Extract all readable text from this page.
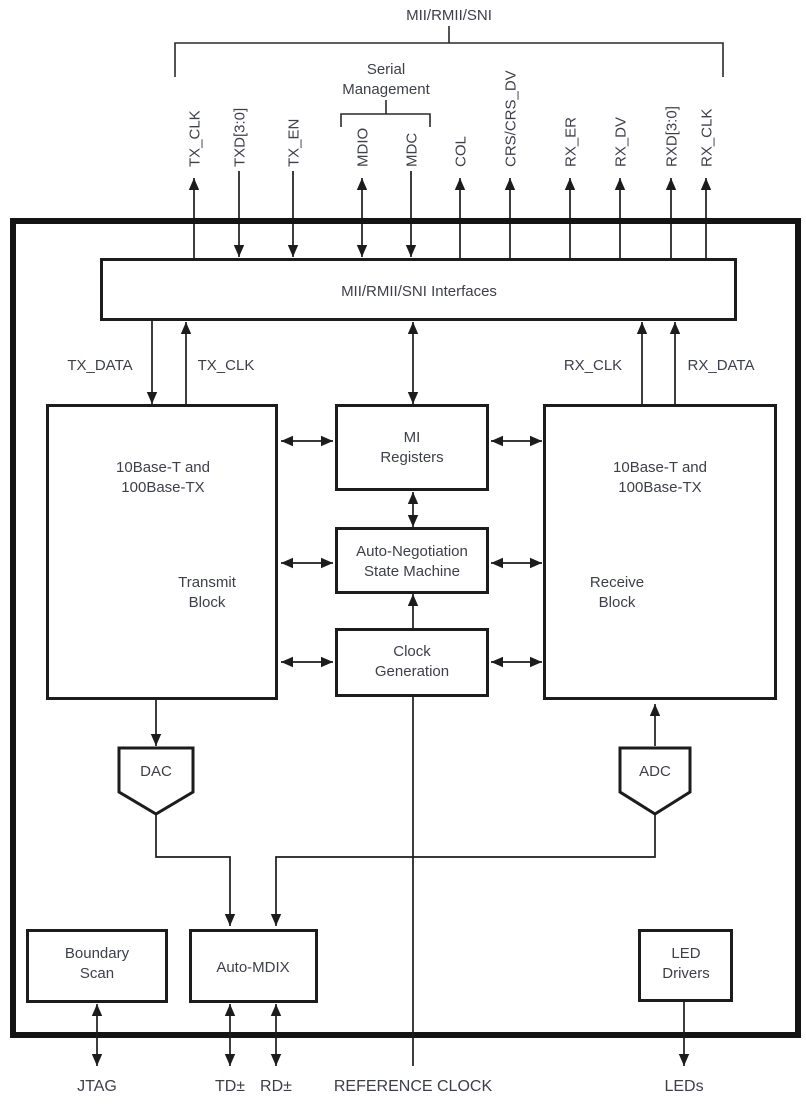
MII/RMII/SNI
Serial
Management
TX_CLK TXD[3:0] TX_EN	MDIO MDC COL CRS/CRS_DV	RX_ER RX_DV RXD[3:0] RX_CLK
MII/RMII/SNI Interfaces
TX_DATA	TX_CLK	RX_CLK	RX_DATA
10Base-T and
100Base-TX
Transmit
Block
10Base-T and
100Base-TX
Receive
Block
MI
Registers
Auto-Negotiation
State Machine
Clock
Generation
DAC	ADC
Boundary
Scan	Auto-MDIX
LED
Drivers
JTAG	TD± RD±	REFERENCE CLOCK	LEDs
